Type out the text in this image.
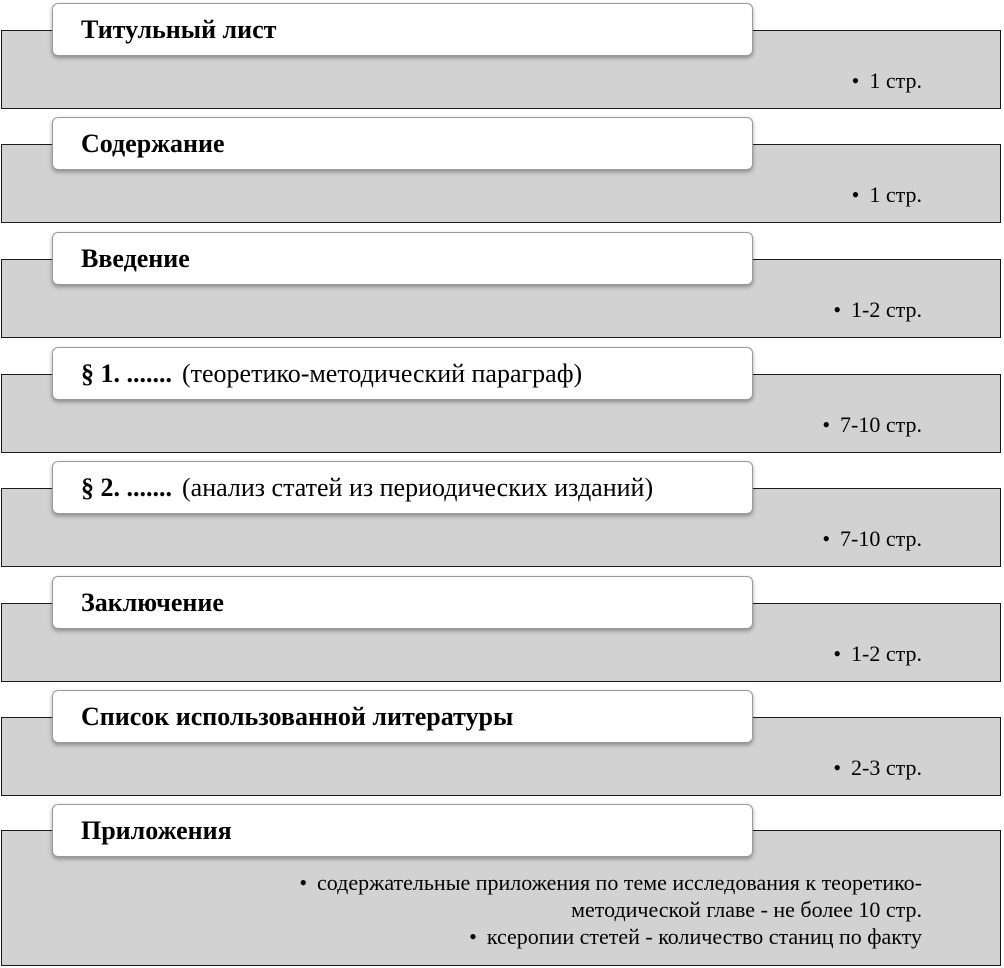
• 1 стр.
Титульный лист
• 1 стр.
Содержание
• 1-2 стр.
Введение
• 7-10 стр.
§ 1. ....... (теоретико-методический параграф)
• 7-10 стр.
§ 2. ....... (анализ статей из периодических изданий)
• 1-2 стр.
Заключение
• 2-3 стр.
Список использованной литературы
• содержательные приложения по теме исследования к теоретико-
методической главе - не более 10 стр.
• ксеропии стетей - количество станиц по факту
Приложения
